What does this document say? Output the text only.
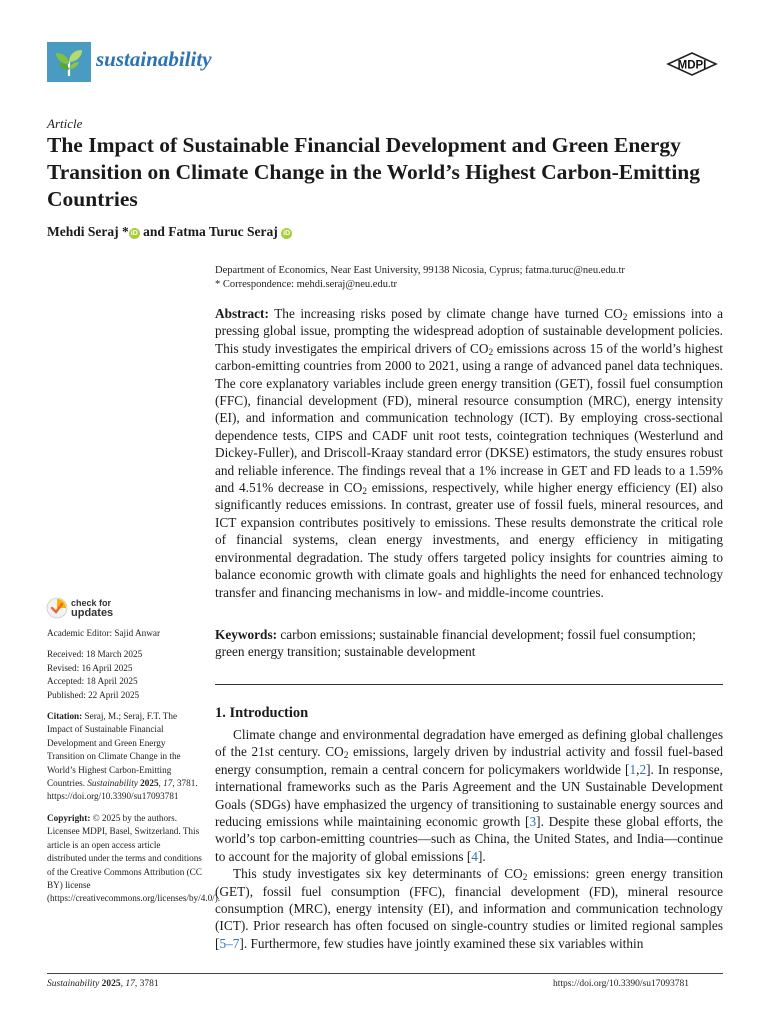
sustainability	MDPI
Article
The Impact of Sustainable Financial Development and Green Energy Transition on Climate Change in the World’s Highest Carbon-Emitting Countries
Mehdi Seraj * iD and Fatma Turuc Seraj iD
Department of Economics, Near East University, 99138 Nicosia, Cyprus; fatma.turuc@neu.edu.tr
* Correspondence: mehdi.seraj@neu.edu.tr

Abstract: The increasing risks posed by climate change have turned $CO_2$ emissions into a pressing global issue, prompting the widespread adoption of sustainable development policies. This study investigates the empirical drivers of $CO_2$ emissions across 15 of the world’s highest carbon-emitting countries from 2000 to 2021, using a range of advanced panel data techniques. The core explanatory variables include green energy transition (GET), fossil fuel consumption (FFC), financial development (FD), mineral resource consumption (MRC), energy intensity (EI), and information and communication technology (ICT). By employing cross-sectional dependence tests, CIPS and CADF unit root tests, cointegration techniques (Westerlund and Dickey-Fuller), and Driscoll-Kraay standard error (DKSE) estimators, the study ensures robust and reliable inference. The findings reveal that a 1% increase in GET and FD leads to a 1.59% and 4.51% decrease in $CO_2$ emissions, respectively, while higher energy efficiency (EI) also significantly reduces emissions. In contrast, greater use of fossil fuels, mineral resources, and ICT expansion contributes positively to emissions. These results demonstrate the critical role of financial systems, clean energy investments, and energy efficiency in mitigating environmental degradation. The study offers targeted policy insights for countries aiming to balance economic growth with climate goals and highlights the need for enhanced technology transfer and financing mechanisms in low- and middle-income countries.

check for
updates
Academic Editor: Sajid Anwar
Received: 18 March 2025
Revised: 16 April 2025
Accepted: 18 April 2025
Published: 22 April 2025
Citation: Seraj, M.; Seraj, F.T. The Impact of Sustainable Financial Development and Green Energy Transition on Climate Change in the World’s Highest Carbon-Emitting Countries. Sustainability 2025, 17, 3781. https://doi.org/10.3390/su17093781
Copyright: © 2025 by the authors. Licensee MDPI, Basel, Switzerland. This article is an open access article distributed under the terms and conditions of the Creative Commons Attribution (CC BY) license (https://creativecommons.org/licenses/by/4.0/).
Keywords: carbon emissions; sustainable financial development; fossil fuel consumption; green energy transition; sustainable development
1. Introduction

Climate change and environmental degradation have emerged as defining global challenges of the 21st century. $CO_2$ emissions, largely driven by industrial activity and fossil fuel-based energy consumption, remain a central concern for policymakers worldwide [1,2]. In response, international frameworks such as the Paris Agreement and the UN Sustainable Development Goals (SDGs) have emphasized the urgency of transitioning to sustainable energy sources and reducing emissions while maintaining economic growth [3]. Despite these global efforts, the world’s top carbon-emitting countries—such as China, the United States, and India—continue to account for the majority of global emissions [4].

This study investigates six key determinants of $CO_2$ emissions: green energy transition (GET), fossil fuel consumption (FFC), financial development (FD), mineral resource consumption (MRC), energy intensity (EI), and information and communication technology (ICT). Prior research has often focused on single-country studies or limited regional samples [5–7]. Furthermore, few studies have jointly examined these six variables within

Sustainability 2025, 17, 3781	https://doi.org/10.3390/su17093781
